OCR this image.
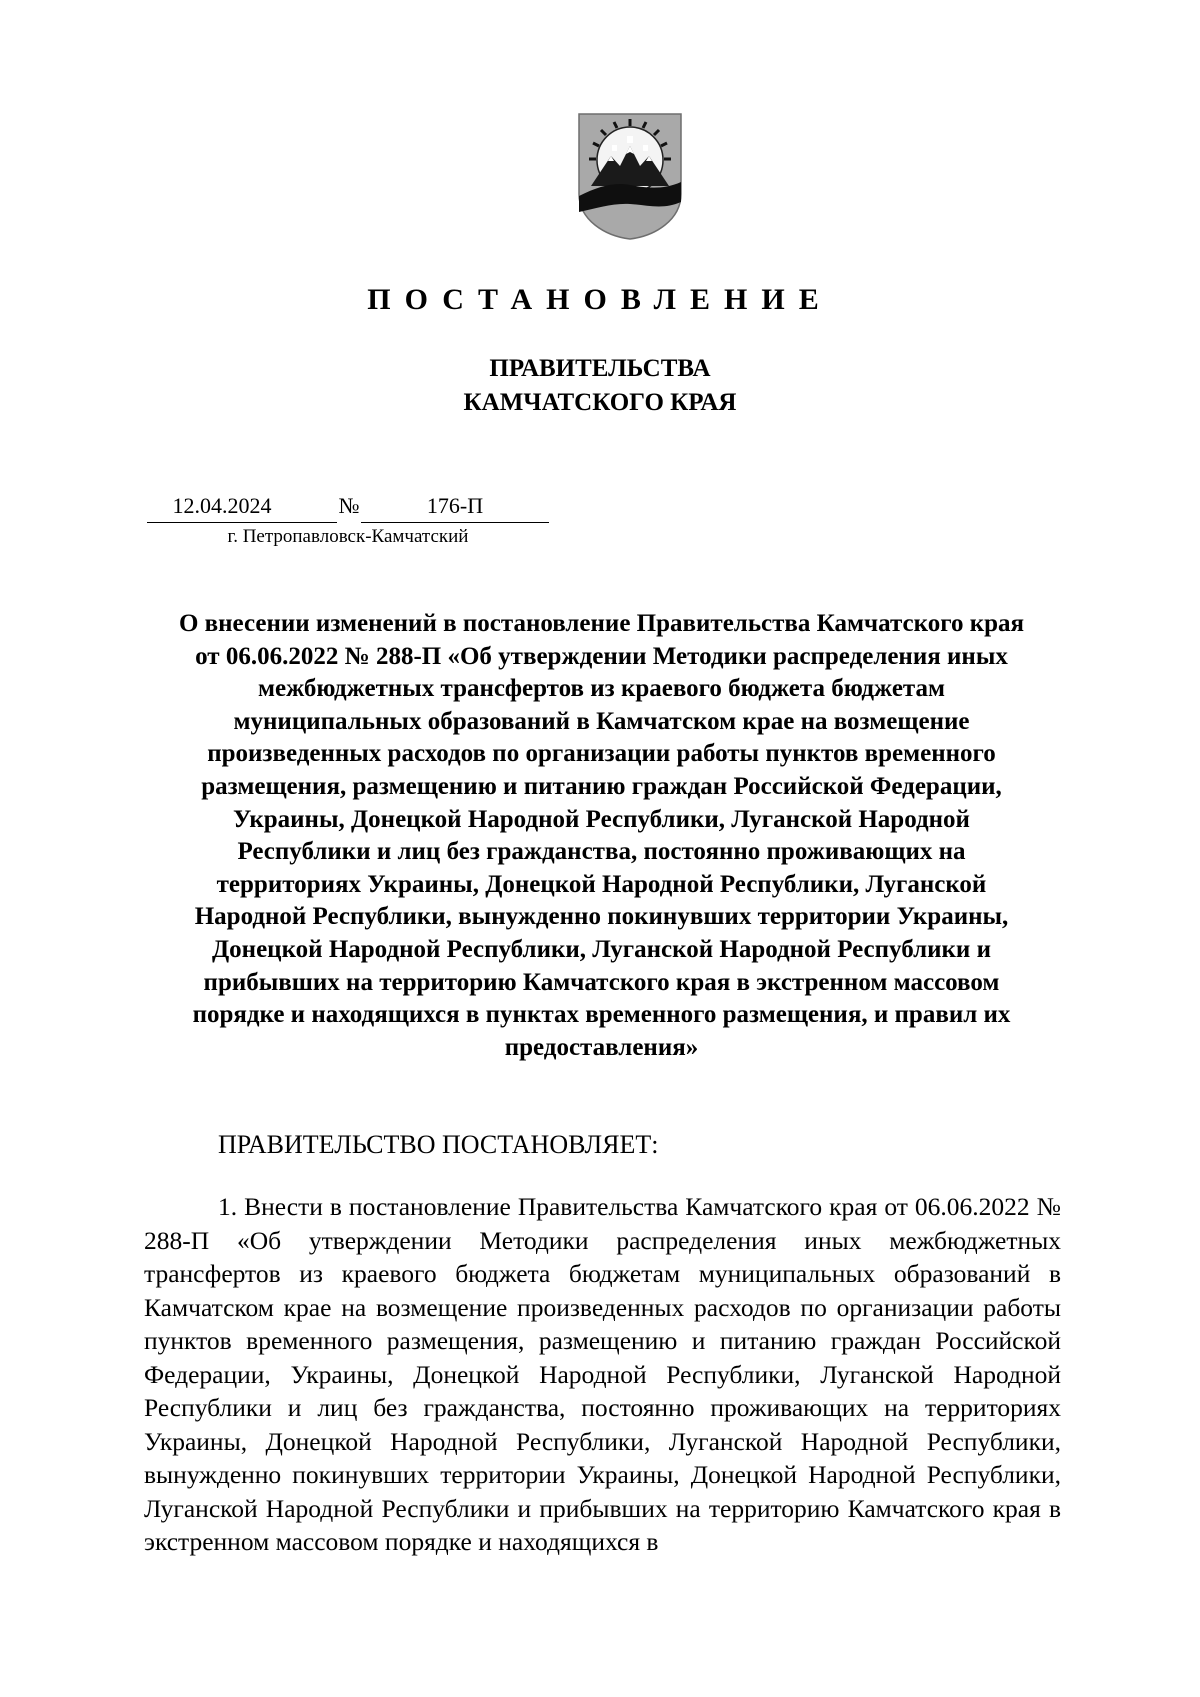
ПОСТАНОВЛЕНИЕ
ПРАВИТЕЛЬСТВА
КАМЧАТСКОГО КРАЯ
12.04.2024	№	176-П
г. Петропавловск-Камчатский
О внесении изменений в постановление Правительства Камчатского края
от 06.06.2022 № 288-П «Об утверждении Методики распределения иных
межбюджетных трансфертов из краевого бюджета бюджетам
муниципальных образований в Камчатском крае на возмещение
произведенных расходов по организации работы пунктов временного
размещения, размещению и питанию граждан Российской Федерации,
Украины, Донецкой Народной Республики, Луганской Народной
Республики и лиц без гражданства, постоянно проживающих на
территориях Украины, Донецкой Народной Республики, Луганской
Народной Республики, вынужденно покинувших территории Украины,
Донецкой Народной Республики, Луганской Народной Республики и
прибывших на территорию Камчатского края в экстренном массовом
порядке и находящихся в пунктах временного размещения, и правил их
предоставления»
ПРАВИТЕЛЬСТВО ПОСТАНОВЛЯЕТ:
1. Внести в постановление Правительства Камчатского края от 06.06.2022 № 288-П «Об утверждении Методики распределения иных межбюджетных трансфертов из краевого бюджета бюджетам муниципальных образований в Камчатском крае на возмещение произведенных расходов по организации работы пунктов временного размещения, размещению и питанию граждан Российской Федерации, Украины, Донецкой Народной Республики, Луганской Народной Республики и лиц без гражданства, постоянно проживающих на территориях Украины, Донецкой Народной Республики, Луганской Народной Республики, вынужденно покинувших территории Украины, Донецкой Народной Республики, Луганской Народной Республики и прибывших на территорию Камчатского края в экстренном массовом порядке и находящихся в
